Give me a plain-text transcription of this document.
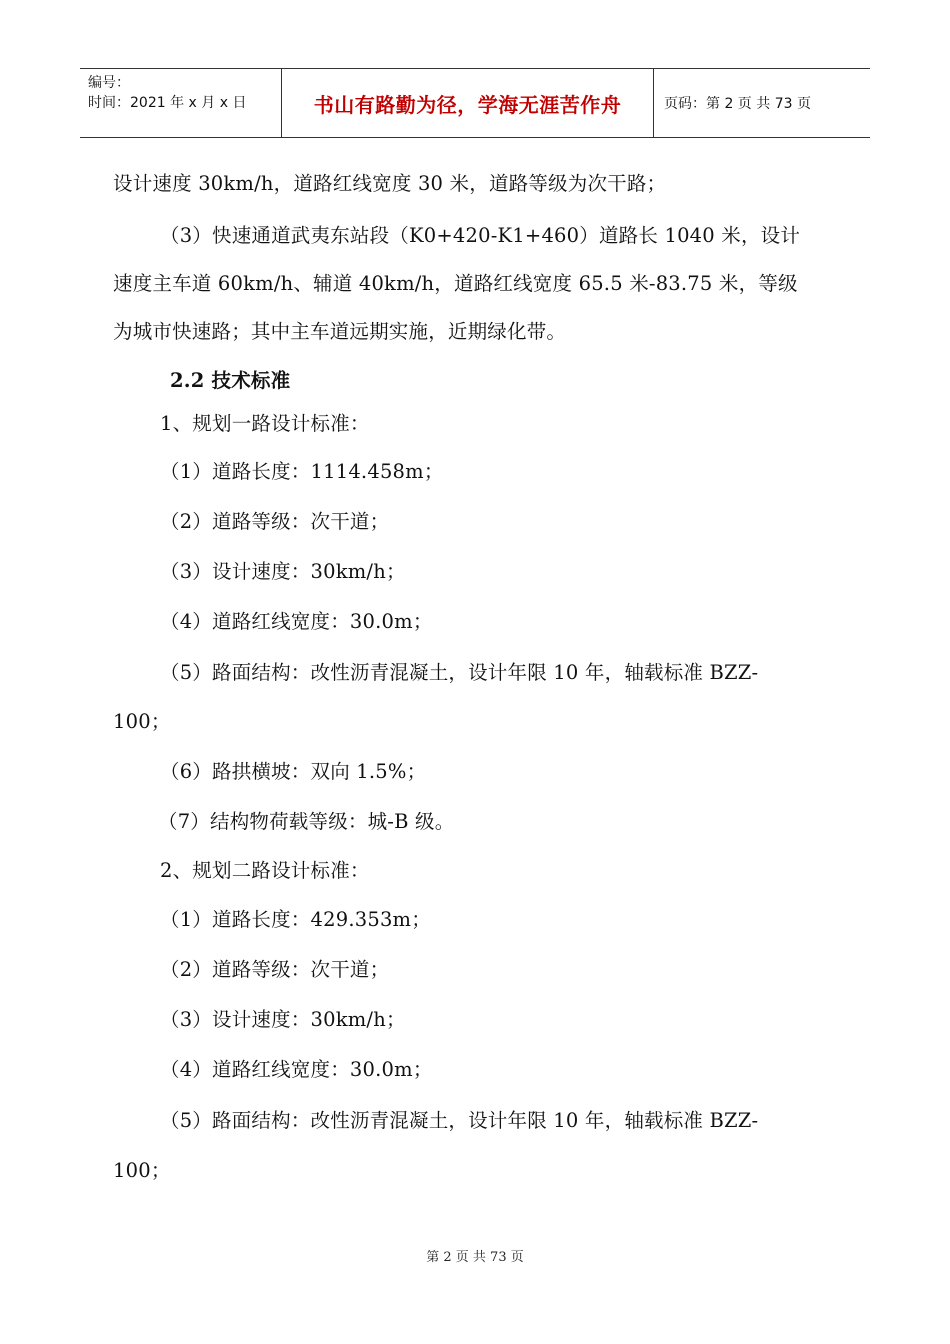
编号：
时间：2021 年 x 月 x 日	书山有路勤为径，学海无涯苦作舟	页码：第 2 页 共 73 页
设计速度 30km/h，道路红线宽度 30 米，道路等级为次干路；
（3）快速通道武夷东站段（K0+420-K1+460）道路长 1040 米，设计
速度主车道 60km/h、辅道 40km/h，道路红线宽度 65.5 米-83.75 米，等级
为城市快速路；其中主车道远期实施，近期绿化带。
2.2 技术标准
1、规划一路设计标准：
（1）道路长度：1114.458m；
（2）道路等级：次干道；
（3）设计速度：30km/h；
（4）道路红线宽度：30.0m；
（5）路面结构：改性沥青混凝土，设计年限 10 年，轴载标准 BZZ-
100；
（6）路拱横坡：双向 1.5%；
（7）结构物荷载等级：城-B 级。
2、规划二路设计标准：
（1）道路长度：429.353m；
（2）道路等级：次干道；
（3）设计速度：30km/h；
（4）道路红线宽度：30.0m；
（5）路面结构：改性沥青混凝土，设计年限 10 年，轴载标准 BZZ-
100；
第 2 页 共 73 页
